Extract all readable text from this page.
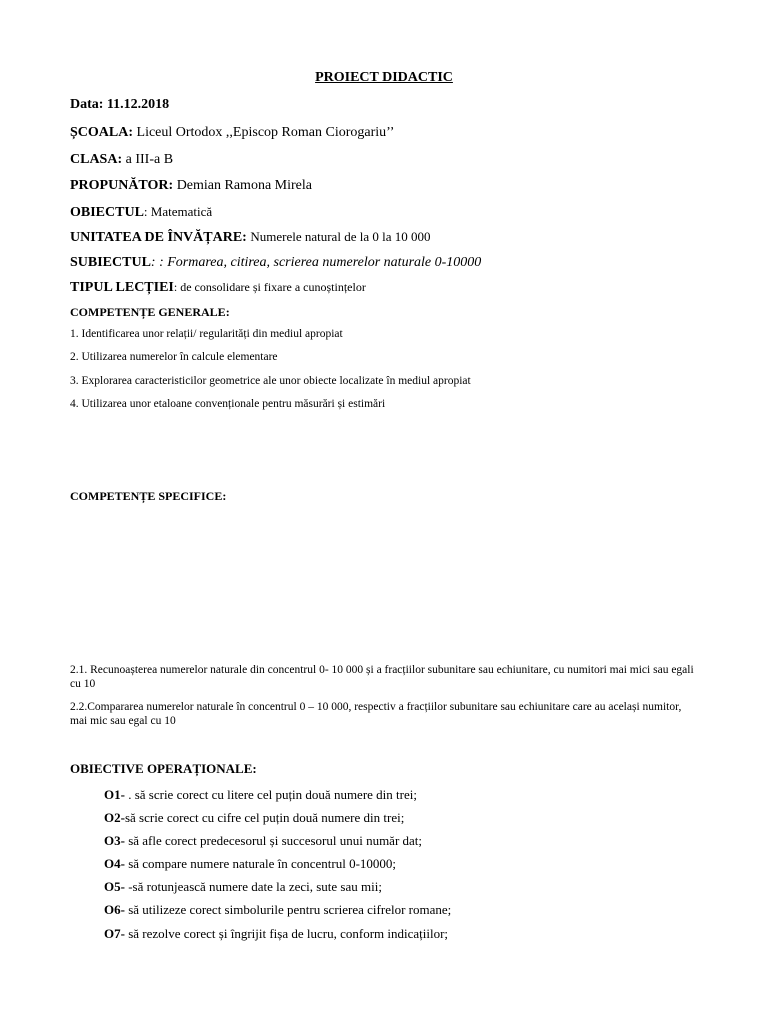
PROIECT DIDACTIC
Data: 11.12.2018
ȘCOALA: Liceul Ortodox ,,Episcop Roman Ciorogariu’’
CLASA: a III-a B
PROPUNĂTOR: Demian Ramona Mirela
OBIECTUL: Matematică
UNITATEA DE ÎNVĂȚARE: Numerele natural de la 0 la 10 000
SUBIECTUL: : Formarea, citirea, scrierea numerelor naturale 0-10000
TIPUL LECȚIEI: de consolidare și fixare a cunoștințelor
COMPETENȚE GENERALE:
1. Identificarea unor relații/ regularități din mediul apropiat
2. Utilizarea numerelor în calcule elementare
3. Explorarea caracteristicilor geometrice ale unor obiecte localizate în mediul apropiat
4. Utilizarea unor etaloane convenționale pentru măsurări și estimări
COMPETENȚE SPECIFICE:
2.1. Recunoașterea numerelor naturale din concentrul 0- 10 000 și a fracțiilor subunitare sau echiunitare, cu numitori mai mici sau egali cu 10
2.2.Compararea numerelor naturale în concentrul 0 – 10 000, respectiv a fracțiilor subunitare sau echiunitare care au același numitor, mai mic sau egal cu 10
OBIECTIVE OPERAȚIONALE:
O1- . să scrie corect cu litere cel puțin două numere din trei;
O2-să scrie corect cu cifre cel puțin două numere din trei;
O3- să afle corect predecesorul și succesorul unui număr dat;
O4- să compare numere naturale în concentrul 0-10000;
O5- -să rotunjească numere date la zeci, sute sau mii;
O6- să utilizeze corect simbolurile pentru scrierea cifrelor romane;
O7- să rezolve corect și îngrijit fișa de lucru, conform indicațiilor;
